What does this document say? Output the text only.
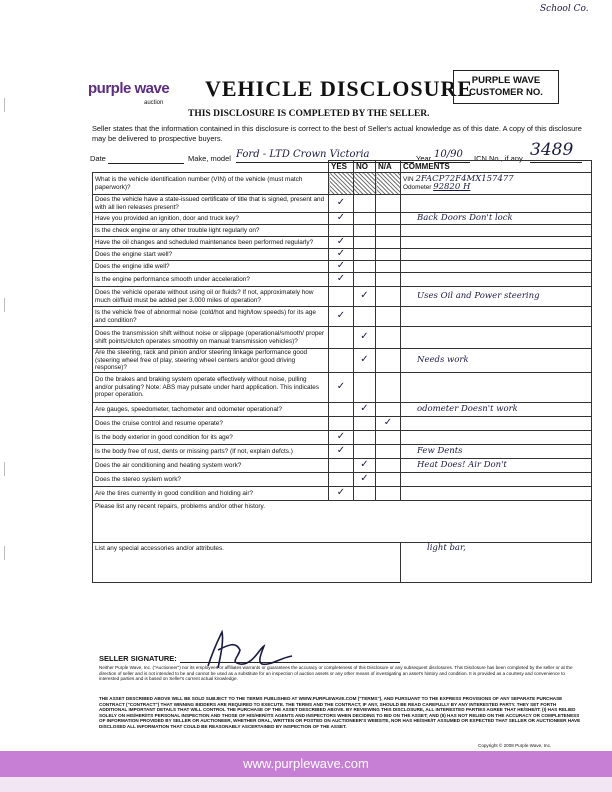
School Co.
purple wave
auction
VEHICLE DISCLOSURE
PURPLE WAVE
CUSTOMER NO.
THIS DISCLOSURE IS COMPLETED BY THE SELLER.
Seller states that the information contained in this disclosure is correct to the best of Seller's actual knowledge as of this date. A copy of this disclosure may be delivered to prospective buyers.
Date	Make, model Ford - LTD Crown Victoria	Year 10/90	ICN No., if any 3489
	YES	NO	N/A	COMMENTS
What is the vehicle identification number (VIN) of the vehicle (must match paperwork)?				VIN 2FACP72F4MX157477
Odometer 92820 H

Does the vehicle have a state-issued certificate of title that is signed, present and with all lien releases present?	✓			
Have you provided an ignition, door and truck key?	✓			Back Doors Don't lock
Is the check engine or any other trouble light regularly on?				
Have the oil changes and scheduled maintenance been performed regularly?	✓			
Does the engine start well?	✓			
Does the engine idle well?	✓			
Is the engine performance smooth under acceleration?	✓			
Does the vehicle operate without using oil or fluids? If not, approximately how much oil/fluid must be added per 3,000 miles of operation?		✓		Uses Oil and Power steering
Is the vehicle free of abnormal noise (cold/hot and high/low speeds) for its age and condition?	✓			
Does the transmission shift without noise or slippage (operational/smooth/ proper shift points/clutch operates smoothly on manual transmission vehicles)?		✓		
Are the steering, rack and pinion and/or steering linkage performance good (steering wheel free of play, steering wheel centers and/or good driving response)?		✓		Needs work
Do the brakes and braking system operate effectively without noise, pulling and/or pulsating? Note: ABS may pulsate under hard application. This indicates proper operation.	✓			
Are gauges, speedometer, tachometer and odometer operational?		✓		odometer Doesn't work
Does the cruise control and resume operate?			✓	
Is the body exterior in good condition for its age?	✓			
Is the body free of rust, dents or missing parts? (If not, explain defcts.)	✓			Few Dents
Does the air conditioning and heating system work?		✓		Heat Does! Air Don't
Does the stereo system work?		✓		
Are the tires currently in good condition and holding air?	✓			
Please list any recent repairs, problems and/or other history.				
List any special accessories and/or attributes.				light bar,
SELLER SIGNATURE:
Neither Purple Wave, Inc. ("Auctioneer") nor its employees or affiliates warrants or guarantees the accuracy or completeness of this Disclosure or any subsequent disclosures. This Disclosure has been completed by the seller or at the direction of seller and is not intended to be and cannot be used as a substitute for an inspection of auction assets or any other means of investigating an asset's history and condition. It is provided as a courtesy and convenience to interested parties and is based on Seller's current actual knowledge.
THE ASSET DESCRIBED ABOVE WILL BE SOLD SUBJECT TO THE TERMS PUBLISHED AT WWW.PURPLEWAVE.COM ("TERMS"), AND PURSUANT TO THE EXPRESS PROVISIONS OF ANY SEPARATE PURCHASE CONTRACT ("CONTRACT") THAT WINNING BIDDERS ARE REQUIRED TO EXECUTE. THE TERMS AND THE CONTRACT, IF ANY, SHOULD BE READ CAREFULLY BY ANY INTERESTED PARTY. THEY SET FORTH ADDITIONAL IMPORTANT DETAILS THAT WILL CONTROL THE PURCHASE OF THE ASSET DESCRIBED ABOVE. BY REVIEWING THIS DISCLOSURE, ALL INTERESTED PARTIES AGREE THAT HE/SHE/IT: (I) HAS RELIED SOLELY ON HIS/HER/ITS PERSONAL INSPECTION AND THOSE OF HIS/HER/ITS AGENTS AND INSPECTORS WHEN DECIDING TO BID ON THE ASSET; AND (II) HAS NOT RELIED ON THE ACCURACY OR COMPLETENESS OF INFORMATION PROVIDED BY SELLER OR AUCTIONEER, WHETHER ORAL, WRITTEN OR POSTED ON AUCTIONEER'S WEBSITE, NOR HAS HE/SHE/IT ASSUMED OR EXPECTED THAT SELLER OR AUCTIONEER HAVE DISCLOSED ALL INFORMATION THAT COULD BE REASONABLY ASCERTAINED BY INSPECTION OF THE ASSET.
Copyright © 2008 Purple Wave, Inc.
www.purplewave.com
